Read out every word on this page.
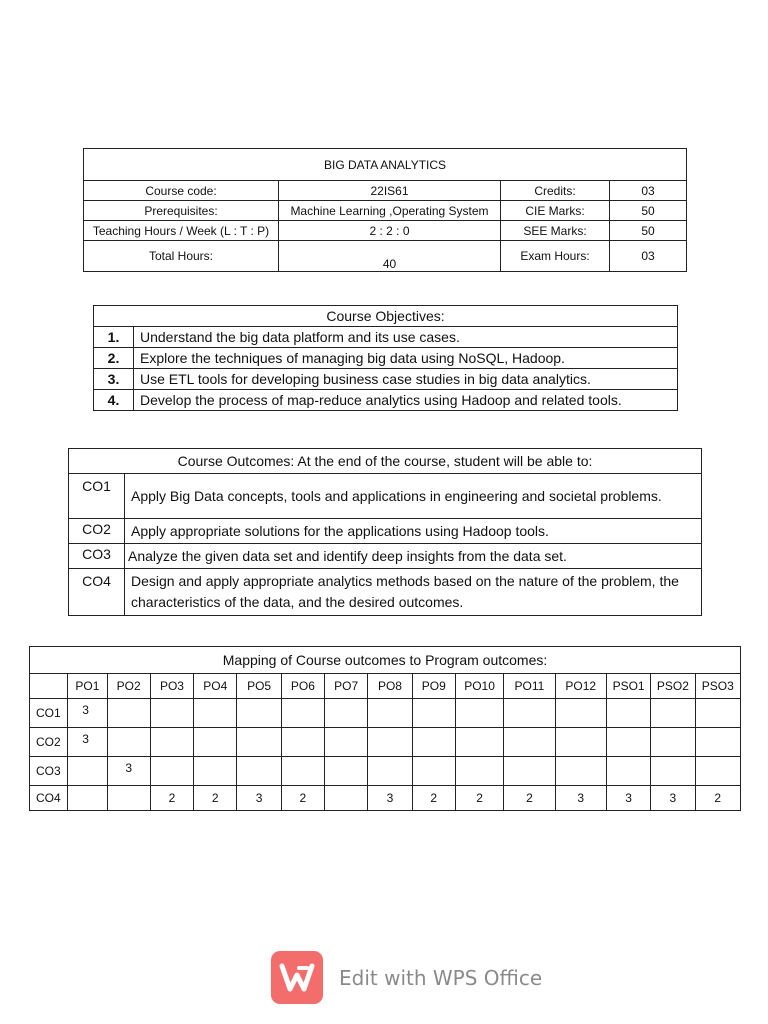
BIG DATA ANALYTICS			
Course code:	22IS61	Credits:	03
Prerequisites:	Machine Learning ,Operating System	CIE Marks:	50
Teaching Hours / Week (L : T : P)	2 : 2 : 0	SEE Marks:	50
Total Hours:	40	Exam Hours:	03
Course Objectives:	
1.	Understand the big data platform and its use cases.
2.	Explore the techniques of managing big data using NoSQL, Hadoop.
3.	Use ETL tools for developing business case studies in big data analytics.
4.	Develop the process of map-reduce analytics using Hadoop and related tools.
Course Outcomes: At the end of the course, student will be able to:	
CO1	Apply Big Data concepts, tools and applications in engineering and societal problems.
CO2	Apply appropriate solutions for the applications using Hadoop tools.
CO3	Analyze the given data set and identify deep insights from the data set.
CO4	Design and apply appropriate analytics methods based on the nature of the problem, the characteristics of the data, and the desired outcomes.
Mapping of Course outcomes to Program outcomes:															
	PO1	PO2	PO3	PO4	PO5	PO6	PO7	PO8	PO9	PO10	PO11	PO12	PSO1	PSO2	PSO3
CO1	3														
CO2	3														
CO3		3													
CO4			2	2	3	2		3	2	2	2	3	3	3	2
Edit with WPS Office
